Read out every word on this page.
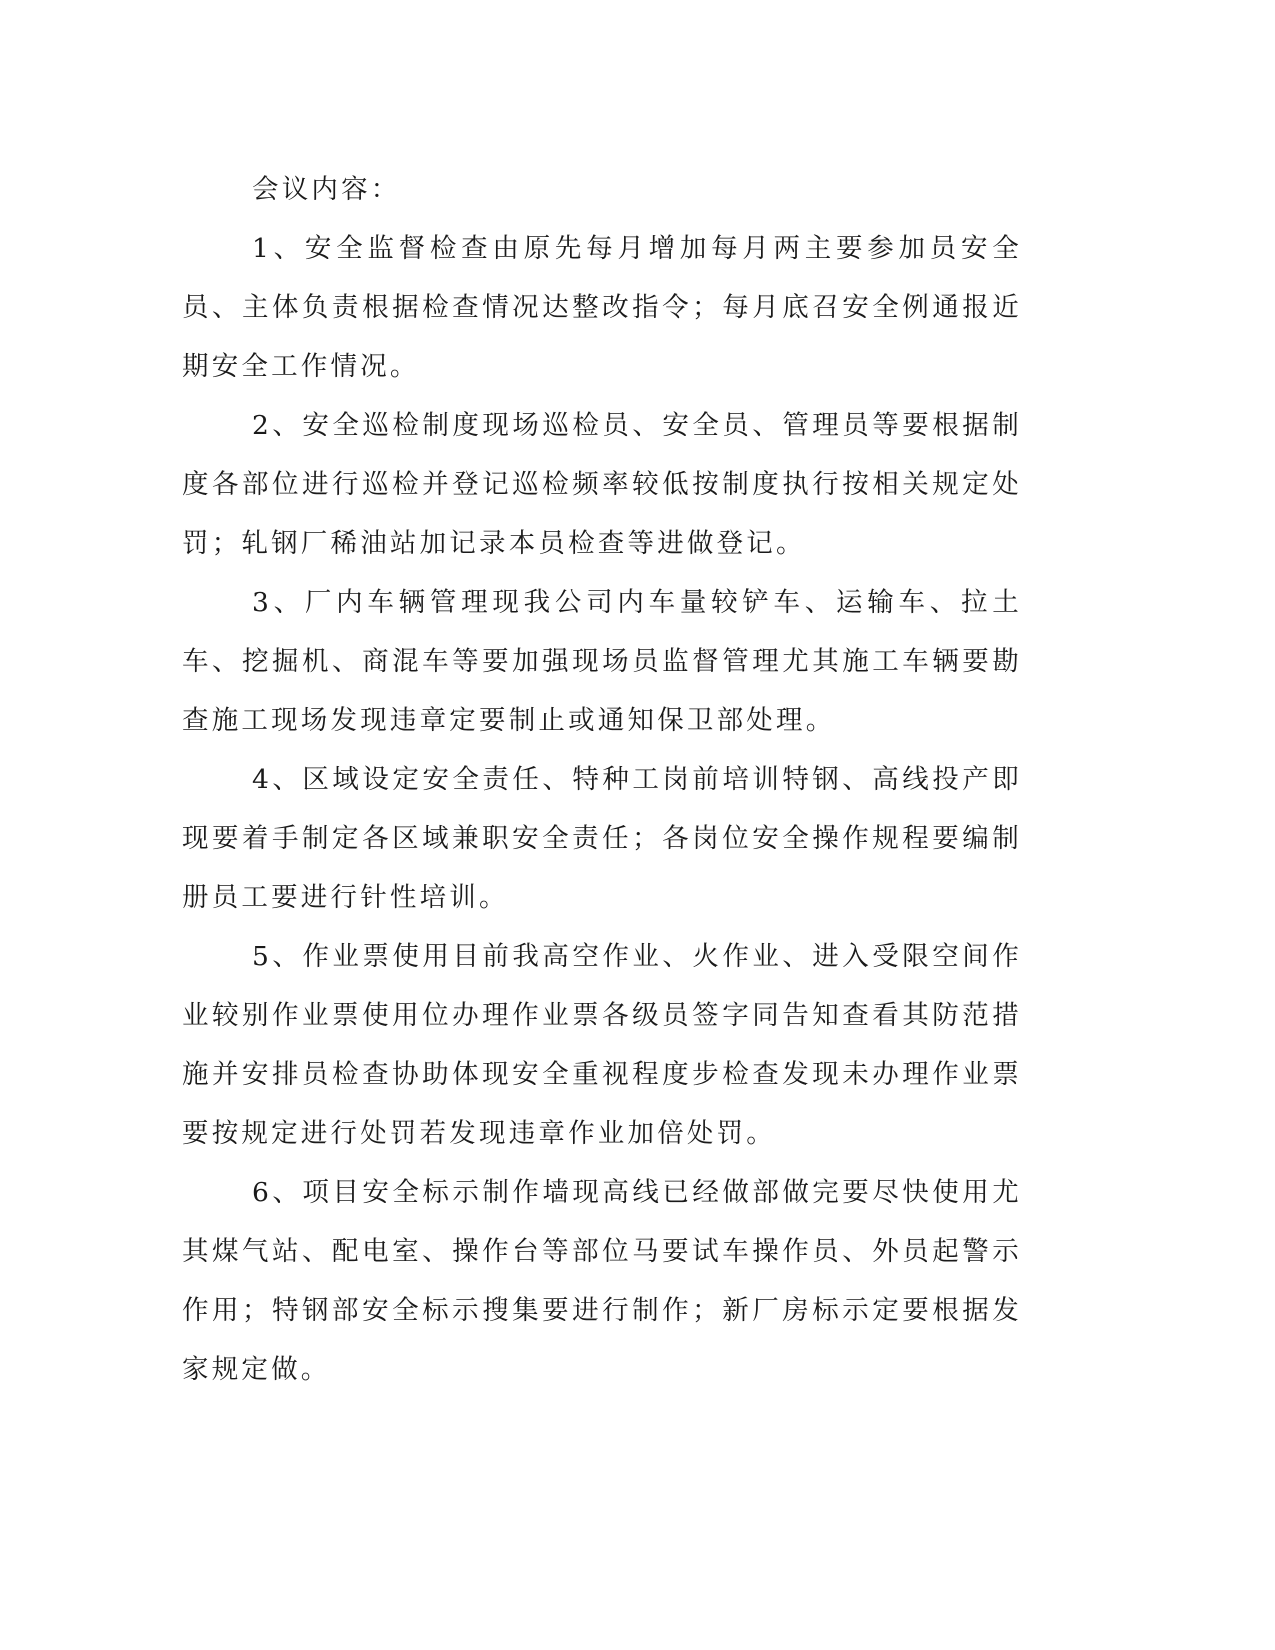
会议内容：

1、安全监督检查由原先每月增加每月两主要参加员安全员、主体负责根据检查情况达整改指令；每月底召安全例通报近期安全工作情况。

2、安全巡检制度现场巡检员、安全员、管理员等要根据制度各部位进行巡检并登记巡检频率较低按制度执行按相关规定处罚；轧钢厂稀油站加记录本员检查等进做登记。

3、厂内车辆管理现我公司内车量较铲车、运输车、拉土车、挖掘机、商混车等要加强现场员监督管理尤其施工车辆要勘查施工现场发现违章定要制止或通知保卫部处理。

4、区域设定安全责任、特种工岗前培训特钢、高线投产即现要着手制定各区域兼职安全责任；各岗位安全操作规程要编制册员工要进行针性培训。

5、作业票使用目前我高空作业、火作业、进入受限空间作业较别作业票使用位办理作业票各级员签字同告知查看其防范措施并安排员检查协助体现安全重视程度步检查发现未办理作业票要按规定进行处罚若发现违章作业加倍处罚。

6、项目安全标示制作墙现高线已经做部做完要尽快使用尤其煤气站、配电室、操作台等部位马要试车操作员、外员起警示作用；特钢部安全标示搜集要进行制作；新厂房标示定要根据发家规定做。
